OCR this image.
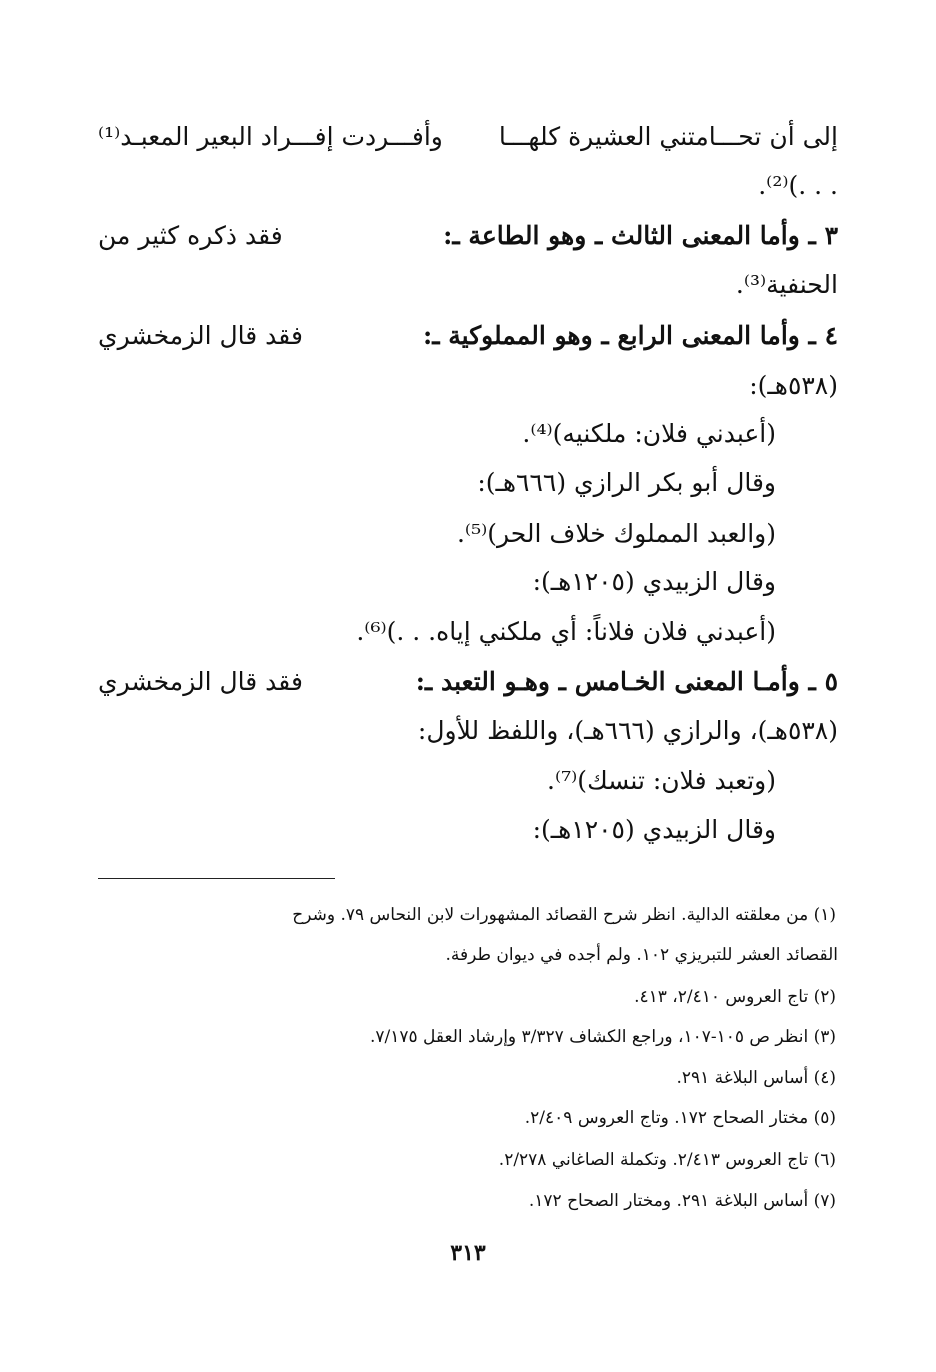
إلى أن تحـــامتني العشيرة كلهـــا
وأفـــردت إفـــراد البعير المعبـد⁽¹⁾
. . .)⁽²⁾.
٣ ـ وأما المعنى الثالث ـ وهو الطاعة ـ:
فقد ذكره كثير من
الحنفية⁽³⁾.
٤ ـ وأما المعنى الرابع ـ وهو المملوكية ـ:
فقد قال الزمخشري
(٥٣٨هـ):
(أعبدني فلان: ملكنيه)⁽⁴⁾.
وقال أبو بكر الرازي (٦٦٦هـ):
(والعبد المملوك خلاف الحر)⁽⁵⁾.
وقال الزبيدي (١٢٠٥هـ):
(أعبدني فلان فلاناً: أي ملكني إياه. . .)⁽⁶⁾.
٥ ـ وأمـا المعنى الخـامس ـ وهـو التعبد ـ:
فقد قال الزمخشري
(٥٣٨هـ)، والرازي (٦٦٦هـ)، واللفظ للأول:
(وتعبد فلان: تنسك)⁽⁷⁾.
وقال الزبيدي (١٢٠٥هـ):
(١) من معلقته الدالية. انظر شرح القصائد المشهورات لابن النحاس ٧٩. وشرح
القصائد العشر للتبريزي ١٠٢. ولم أجده في ديوان طرفة.
(٢) تاج العروس ٢/٤١٠، ٤١٣.
(٣) انظر ص ١٠٥-١٠٧، وراجع الكشاف ٣/٣٢٧ وإرشاد العقل ٧/١٧٥.
(٤) أساس البلاغة ٢٩١.
(٥) مختار الصحاح ١٧٢. وتاج العروس ٢/٤٠٩.
(٦) تاج العروس ٢/٤١٣. وتكملة الصاغاني ٢/٢٧٨.
(٧) أساس البلاغة ٢٩١. ومختار الصحاح ١٧٢.
٣١٣
